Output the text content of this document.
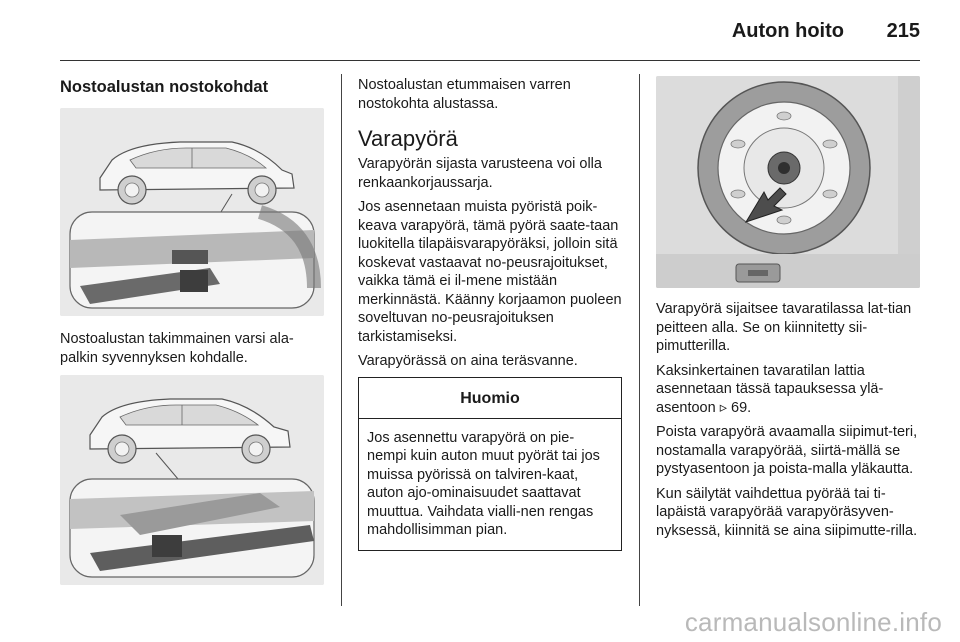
Auton hoito 215
Nostoalustan nostokohdat

Nostoalustan takimmainen varsi ala-palkin syvennyksen kohdalle.

Nostoalustan etummaisen varren nostokohta alustassa.

Varapyörä

Varapyörän sijasta varusteena voi olla renkaankorjaussarja.

Jos asennetaan muista pyöristä poik-keava varapyörä, tämä pyörä saate-taan luokitella tilapäisvarapyöräksi, jolloin sitä koskevat vastaavat no-peusrajoitukset, vaikka tämä ei il-mene mistään merkinnästä. Käänny korjaamon puoleen soveltuvan no-peusrajoituksen tarkistamiseksi.

Varapyörässä on aina teräsvanne.

Huomio
Jos asennettu varapyörä on pie-nempi kuin auton muut pyörät tai jos muissa pyörissä on talviren-kaat, auton ajo-ominaisuudet saattavat muuttua. Vaihdata vialli-nen rengas mahdollisimman pian.

Varapyörä sijaitsee tavaratilassa lat-tian peitteen alla. Se on kiinnitetty sii-pimutterilla.

Kaksinkertainen tavaratilan lattia asennetaan tässä tapauksessa ylä-asentoon ▹ 69.

Poista varapyörä avaamalla siipimut-teri, nostamalla varapyörää, siirtä-mällä se pystyasentoon ja poista-malla yläkautta.

Kun säilytät vaihdettua pyörää tai ti-lapäistä varapyörää varapyöräsyven-nyksessä, kiinnitä se aina siipimutte-rilla.

carmanualsonline.info
